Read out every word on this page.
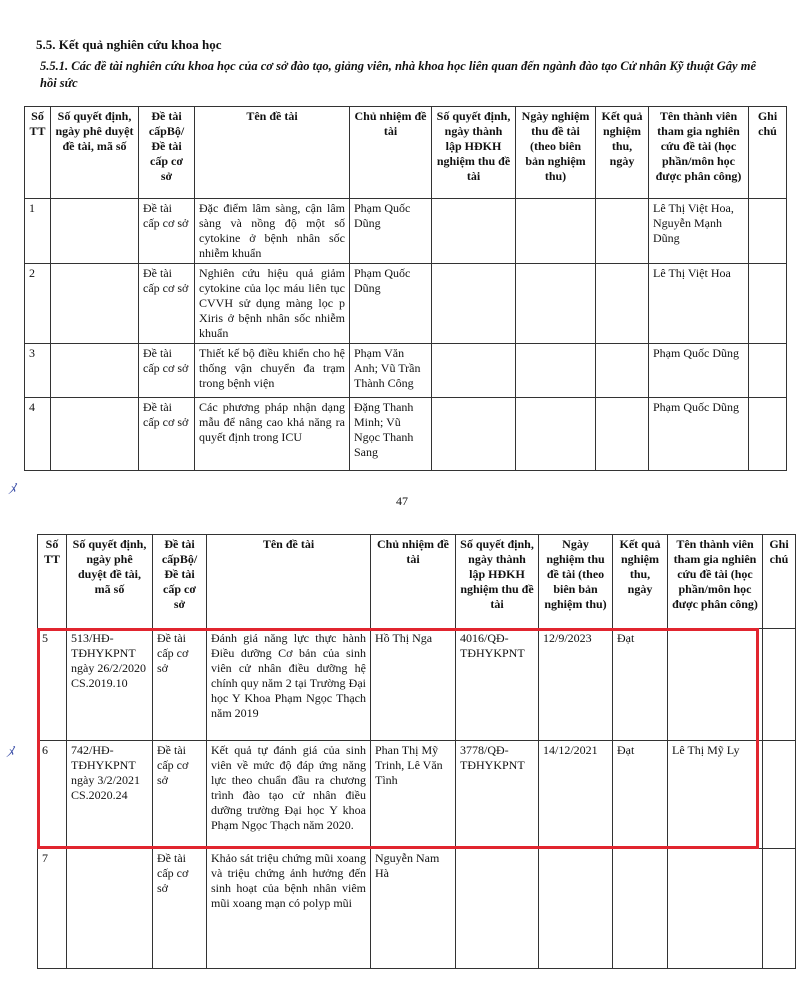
5.5. Kết quả nghiên cứu khoa học
5.5.1. Các đề tài nghiên cứu khoa học của cơ sở đào tạo, giảng viên, nhà khoa học liên quan đến ngành đào tạo Cử nhân Kỹ thuật Gây mê hồi sức
Số TT	Số quyết định, ngày phê duyệt đề tài, mã số	Đề tài cấpBộ/ Đề tài cấp cơ sở	Tên đề tài	Chủ nhiệm đề tài	Số quyết định, ngày thành lập HĐKH nghiệm thu đề tài	Ngày nghiệm thu đề tài (theo biên bản nghiệm thu)	Kết quả nghiệm thu, ngày	Tên thành viên tham gia nghiên cứu đề tài (học phần/môn học được phân công)	Ghi chú
1		Đề tài cấp cơ sở	Đặc điểm lâm sàng, cận lâm sàng và nồng độ một số cytokine ở bệnh nhân sốc nhiễm khuẩn	Phạm Quốc Dũng				Lê Thị Việt Hoa, Nguyễn Mạnh Dũng	
2		Đề tài cấp cơ sở	Nghiên cứu hiệu quả giảm cytokine của lọc máu liên tục CVVH sử dụng màng lọc p Xiris ở bệnh nhân sốc nhiễm khuẩn	Phạm Quốc Dũng				Lê Thị Việt Hoa	
3		Đề tài cấp cơ sở	Thiết kế bộ điều khiển cho hệ thống vận chuyển đa trạm trong bệnh viện	Phạm Văn Anh; Vũ Trần Thành Công				Phạm Quốc Dũng	
4		Đề tài cấp cơ sở	Các phương pháp nhận dạng mẫu để nâng cao khả năng ra quyết định trong ICU	Đặng Thanh Minh; Vũ Ngọc Thanh Sang				Phạm Quốc Dũng	
ﾒ
47
Số TT	Số quyết định, ngày phê duyệt đề tài, mã số	Đề tài cấpBộ/ Đề tài cấp cơ sở	Tên đề tài	Chủ nhiệm đề tài	Số quyết định, ngày thành lập HĐKH nghiệm thu đề tài	Ngày nghiệm thu đề tài (theo biên bản nghiệm thu)	Kết quả nghiệm thu, ngày	Tên thành viên tham gia nghiên cứu đề tài (học phần/môn học được phân công)	Ghi chú
5	513/HĐ-TĐHYKPNT ngày 26/2/2020 CS.2019.10	Đề tài cấp cơ sở	Đánh giá năng lực thực hành Điều dưỡng Cơ bản của sinh viên cử nhân điều dưỡng hệ chính quy năm 2 tại Trường Đại học Y Khoa Phạm Ngọc Thạch năm 2019	Hồ Thị Nga	4016/QĐ-TĐHYKPNT	12/9/2023	Đạt		
6	742/HĐ-TĐHYKPNT ngày 3/2/2021 CS.2020.24	Đề tài cấp cơ sở	Kết quả tự đánh giá của sinh viên về mức độ đáp ứng năng lực theo chuẩn đầu ra chương trình đào tạo cử nhân điều dưỡng trường Đại học Y khoa Phạm Ngọc Thạch năm 2020.	Phan Thị Mỹ Trinh, Lê Văn Tình	3778/QĐ-TĐHYKPNT	14/12/2021	Đạt	Lê Thị Mỹ Ly	
7		Đề tài cấp cơ sở	Khảo sát triệu chứng mũi xoang và triệu chứng ảnh hưởng đến sinh hoạt của bệnh nhân viêm mũi xoang mạn có polyp mũi	Nguyễn Nam Hà					
ﾒ
